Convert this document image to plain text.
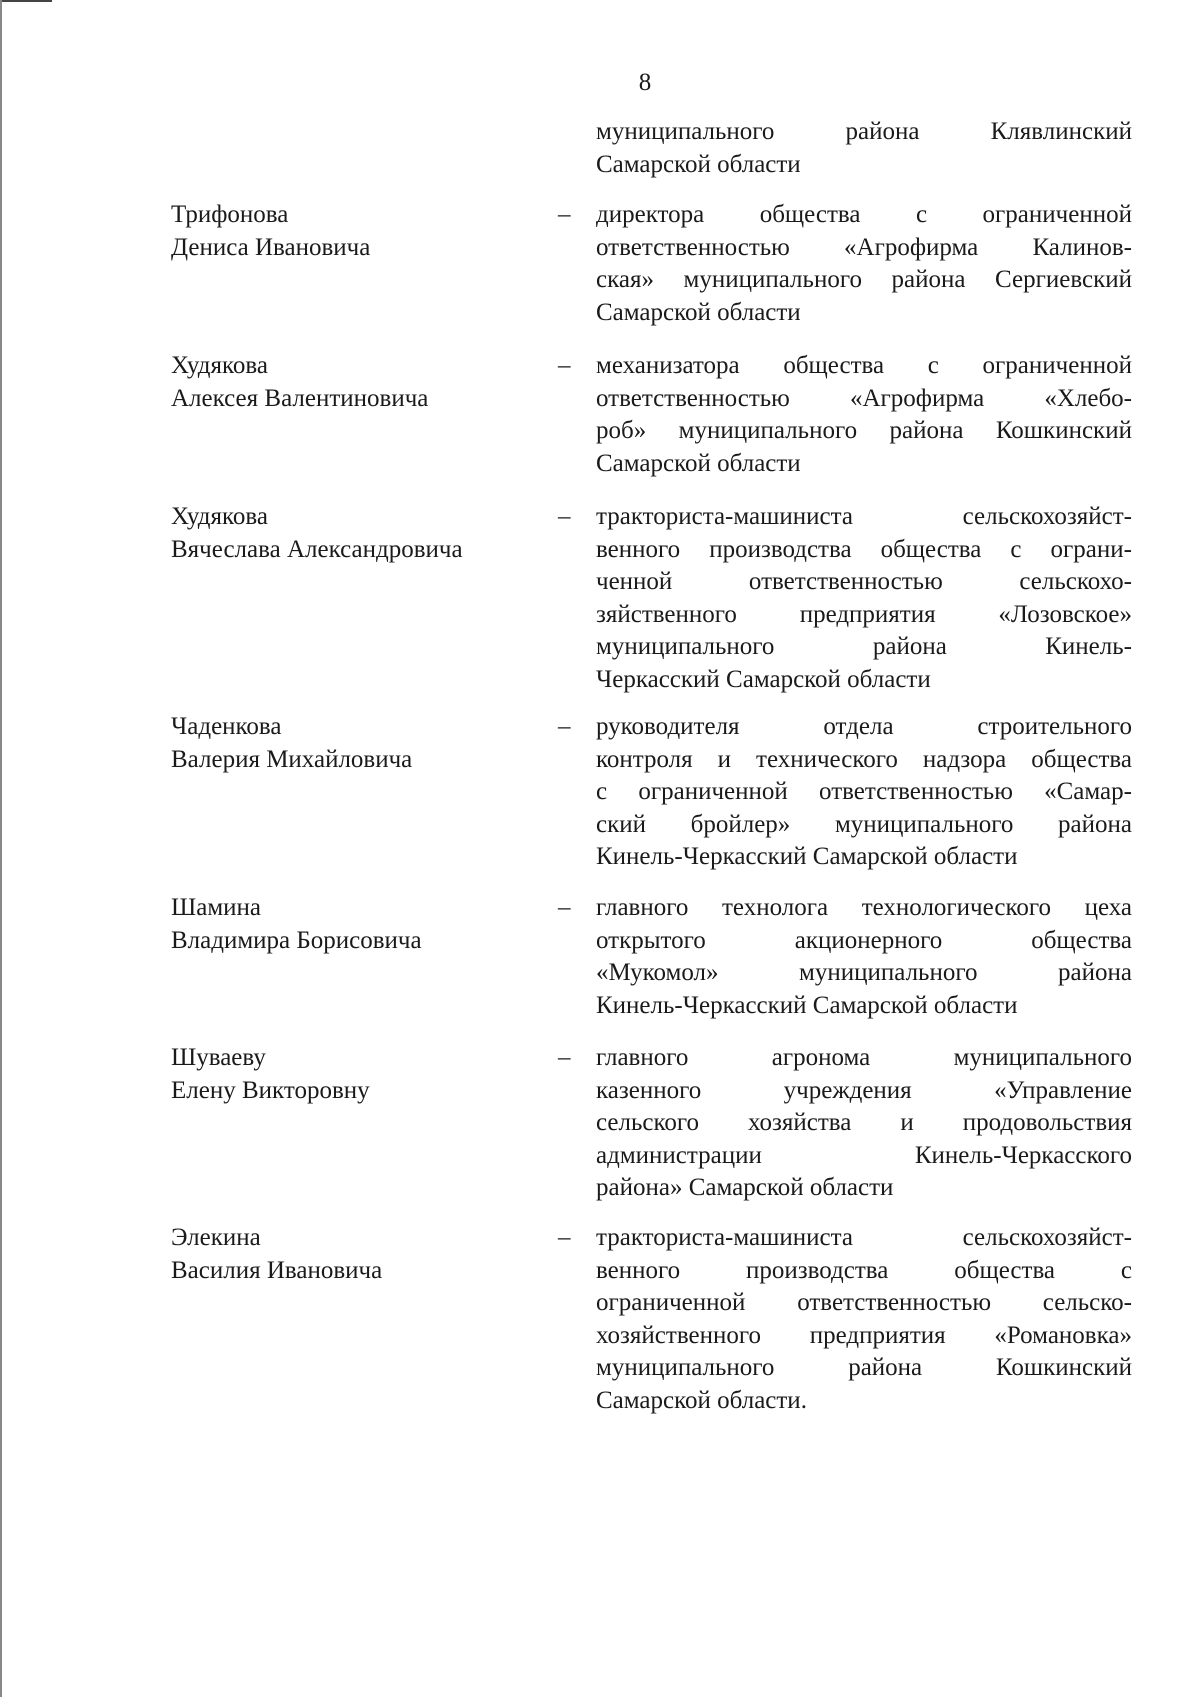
8
муниципального	района	Клявлинский
Самарской области
Трифонова
Дениса Ивановича
– директора общества с ограниченной
ответственностью «Агрофирма Калинов-
ская» муниципального района Сергиевский
Самарской области
Худякова
Алексея Валентиновича
– механизатора общества с ограниченной
ответственностью «Агрофирма «Хлебо-
роб» муниципального района Кошкинский
Самарской области
Худякова
Вячеслава Александровича
– тракториста-машиниста	сельскохозяйст-
венного производства общества с ограни-
ченной	ответственностью	сельскохо-
зяйственного	предприятия	«Лозовское»
муниципального	района	Кинель-
Черкасский Самарской области
Чаденкова
Валерия Михайловича
– руководителя	отдела	строительного
контроля и технического надзора общества
с ограниченной ответственностью «Самар-
ский бройлер» муниципального района
Кинель-Черкасский Самарской области
Шамина
Владимира Борисовича
– главного технолога технологического цеха
открытого	акционерного	общества
«Мукомол»	муниципального	района
Кинель-Черкасский Самарской области
Шуваеву
Елену Викторовну
– главного	агронома	муниципального
казенного	учреждения	«Управление
сельского хозяйства и продовольствия
администрации	Кинель-Черкасского
района» Самарской области
Элекина
Василия Ивановича
– тракториста-машиниста	сельскохозяйст-
венного	производства	общества	с
ограниченной ответственностью сельско-
хозяйственного предприятия «Романовка»
муниципального	района	Кошкинский
Самарской области.
